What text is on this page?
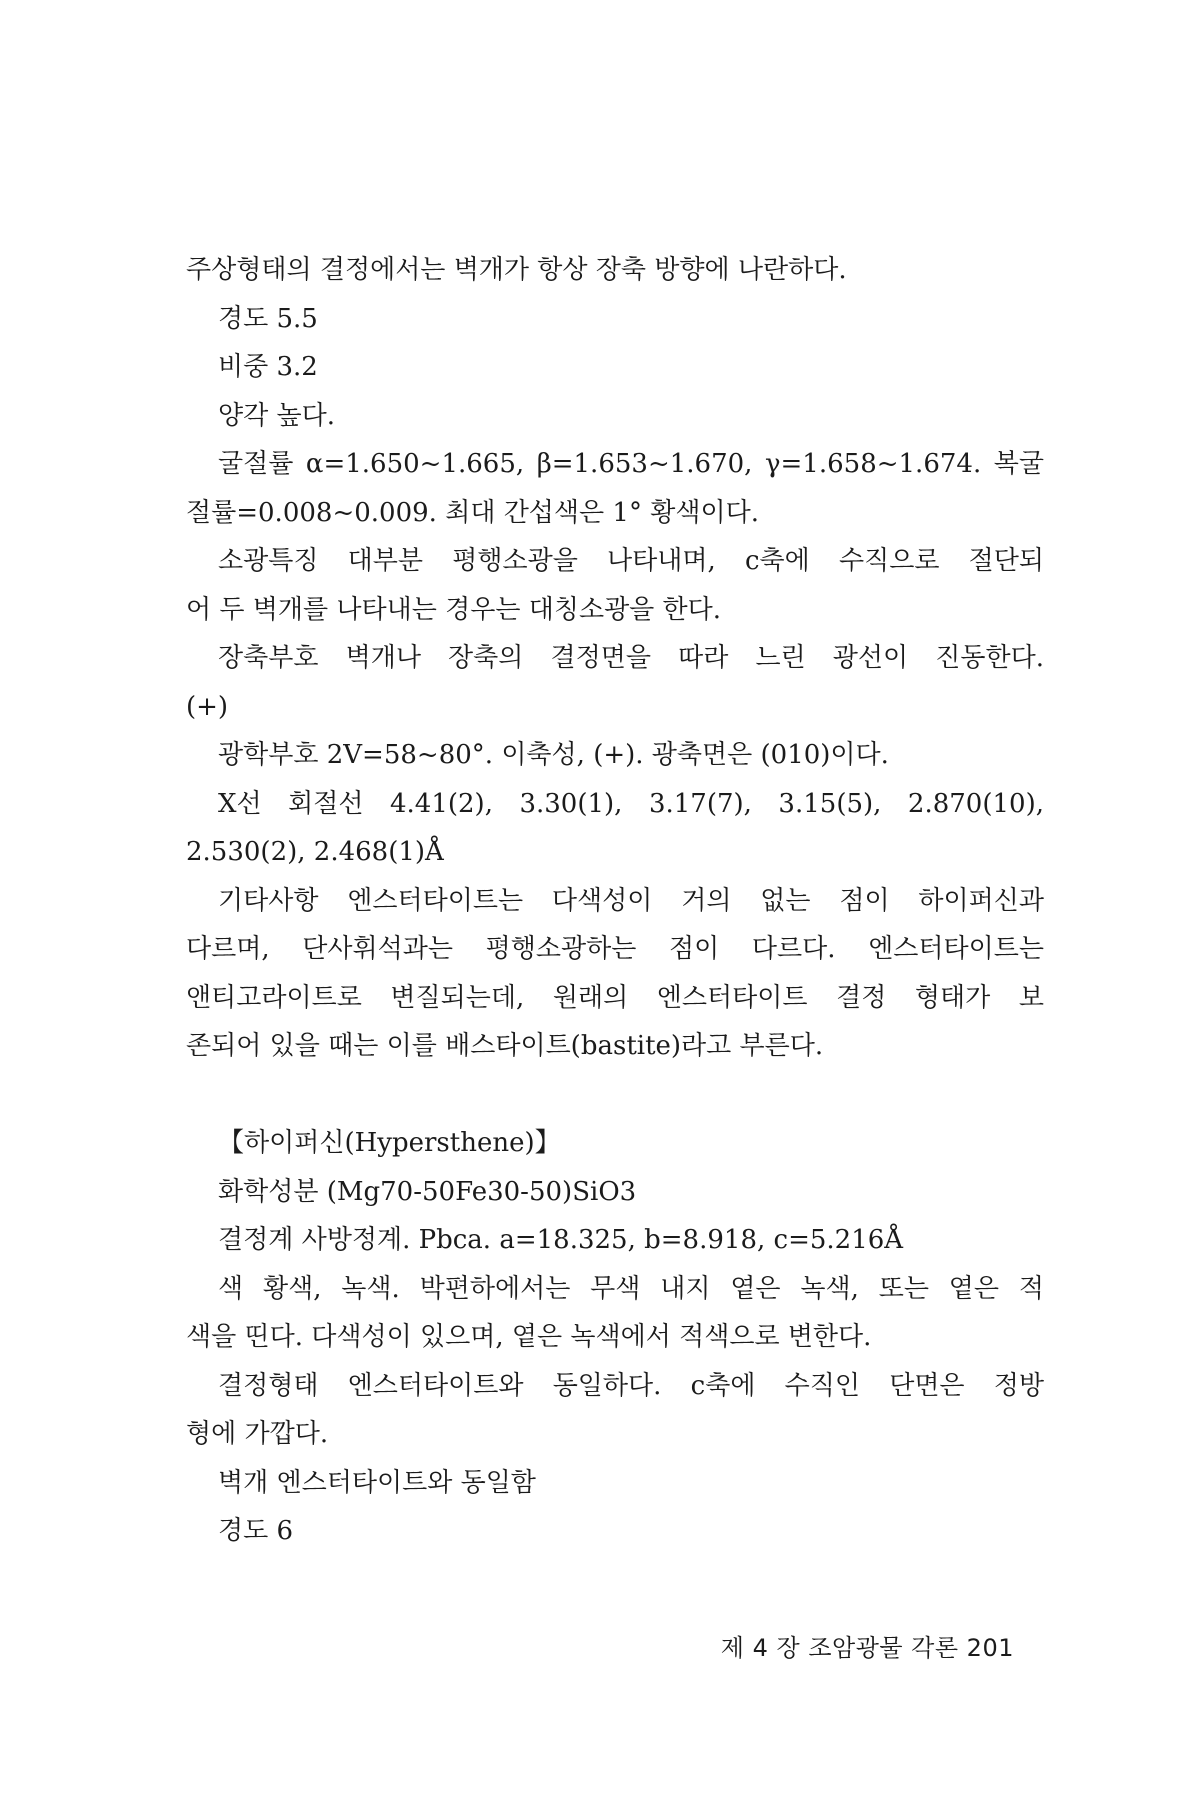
주상형태의 결정에서는 벽개가 항상 장축 방향에 나란하다.
경도 5.5
비중 3.2
양각 높다.
굴절률 α=1.650~1.665, β=1.653~1.670, γ=1.658~1.674. 복굴
절률=0.008~0.009. 최대 간섭색은 1° 황색이다.
소광특징 대부분 평행소광을 나타내며, c축에 수직으로 절단되
어 두 벽개를 나타내는 경우는 대칭소광을 한다.
장축부호 벽개나 장축의 결정면을 따라 느린 광선이 진동한다.
(+)
광학부호 2V=58~80°. 이축성, (+). 광축면은 (010)이다.
X선 회절선 4.41(2), 3.30(1), 3.17(7), 3.15(5), 2.870(10),
2.530(2), 2.468(1)Å
기타사항 엔스터타이트는 다색성이 거의 없는 점이 하이퍼신과
다르며, 단사휘석과는 평행소광하는 점이 다르다. 엔스터타이트는
앤티고라이트로 변질되는데, 원래의 엔스터타이트 결정 형태가 보
존되어 있을 때는 이를 배스타이트(bastite)라고 부른다.
【하이퍼신(Hypersthene)】
화학성분 (Mg70-50Fe30-50)SiO3
결정계 사방정계. Pbca. a=18.325, b=8.918, c=5.216Å
색 황색, 녹색. 박편하에서는 무색 내지 옅은 녹색, 또는 옅은 적
색을 띤다. 다색성이 있으며, 옅은 녹색에서 적색으로 변한다.
결정형태 엔스터타이트와 동일하다. c축에 수직인 단면은 정방
형에 가깝다.
벽개 엔스터타이트와 동일함
경도 6
제 4 장 조암광물 각론 201
